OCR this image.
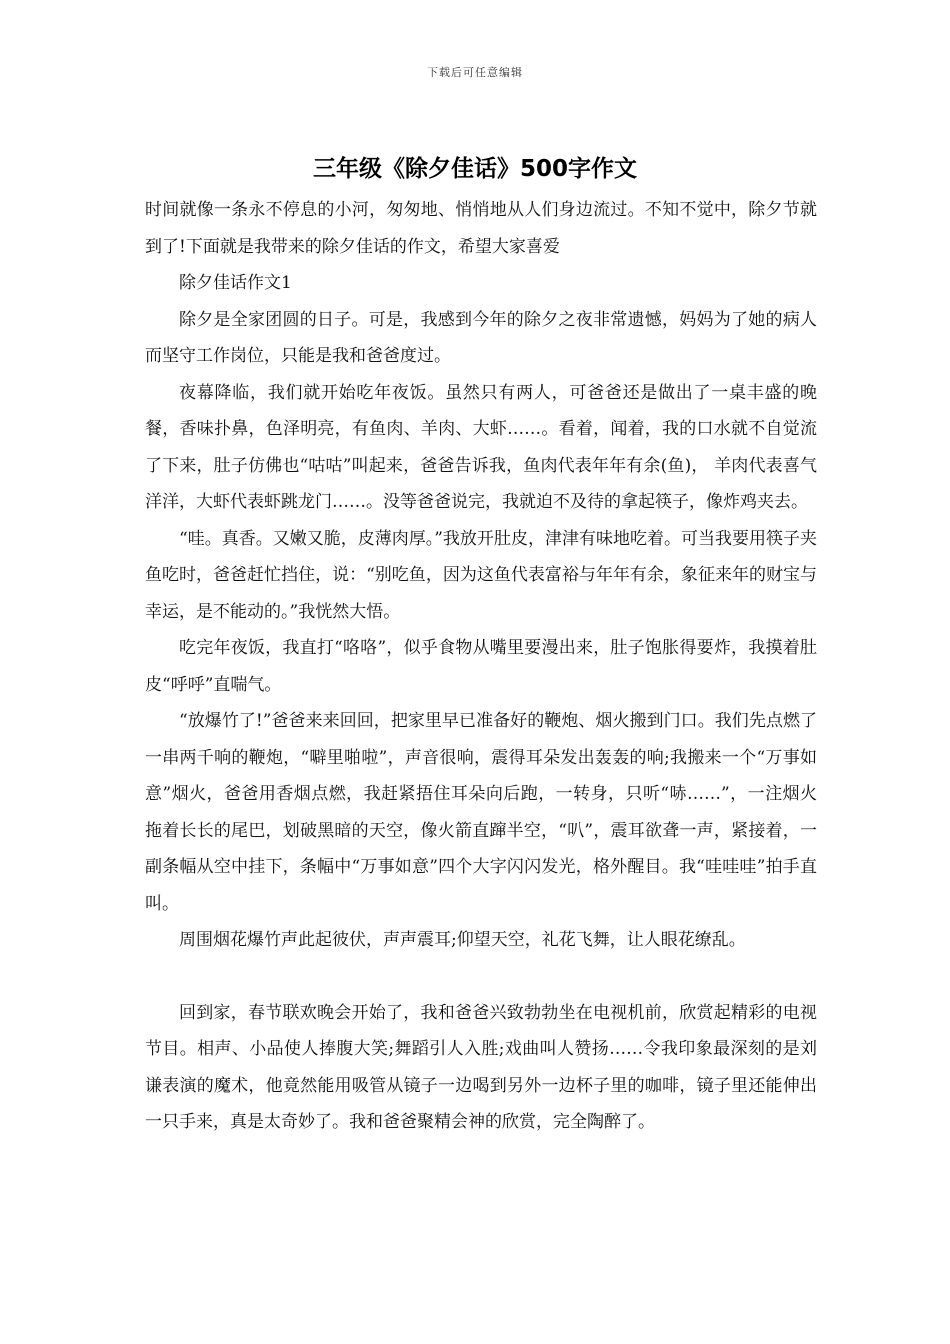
下载后可任意编辑
三年级《除夕佳话》500字作文

时间就像一条永不停息的小河，匆匆地、悄悄地从人们身边流过。不知不觉中，除夕节就到了!下面就是我带来的除夕佳话的作文，希望大家喜爱

除夕佳话作文1

除夕是全家团圆的日子。可是，我感到今年的除夕之夜非常遗憾，妈妈为了她的病人而坚守工作岗位，只能是我和爸爸度过。

夜幕降临，我们就开始吃年夜饭。虽然只有两人，可爸爸还是做出了一桌丰盛的晚餐，香味扑鼻，色泽明亮，有鱼肉、羊肉、大虾……。看着，闻着，我的口水就不自觉流了下来，肚子仿佛也“咕咕”叫起来，爸爸告诉我，鱼肉代表年年有余(鱼)， 羊肉代表喜气洋洋，大虾代表虾跳龙门……。没等爸爸说完，我就迫不及待的拿起筷子，像炸鸡夹去。

“哇。真香。又嫩又脆，皮薄肉厚。”我放开肚皮，津津有味地吃着。可当我要用筷子夹鱼吃时，爸爸赶忙挡住，说：“别吃鱼，因为这鱼代表富裕与年年有余，象征来年的财宝与幸运，是不能动的。”我恍然大悟。

吃完年夜饭，我直打“咯咯”，似乎食物从嘴里要漫出来，肚子饱胀得要炸，我摸着肚皮“呼呼”直喘气。

“放爆竹了!”爸爸来来回回，把家里早已准备好的鞭炮、烟火搬到门口。我们先点燃了一串两千响的鞭炮，“噼里啪啦”，声音很响，震得耳朵发出轰轰的响;我搬来一个“万事如意”烟火，爸爸用香烟点燃，我赶紧捂住耳朵向后跑，一转身，只听“哧……”，一注烟火拖着长长的尾巴，划破黑暗的天空，像火箭直蹿半空，“叭”，震耳欲聋一声，紧接着，一副条幅从空中挂下，条幅中“万事如意”四个大字闪闪发光，格外醒目。我“哇哇哇”拍手直叫。

周围烟花爆竹声此起彼伏，声声震耳;仰望天空，礼花飞舞，让人眼花缭乱。

回到家，春节联欢晚会开始了，我和爸爸兴致勃勃坐在电视机前，欣赏起精彩的电视节目。相声、小品使人捧腹大笑;舞蹈引人入胜;戏曲叫人赞扬……令我印象最深刻的是刘谦表演的魔术，他竟然能用吸管从镜子一边喝到另外一边杯子里的咖啡，镜子里还能伸出一只手来，真是太奇妙了。我和爸爸聚精会神的欣赏，完全陶醉了。
